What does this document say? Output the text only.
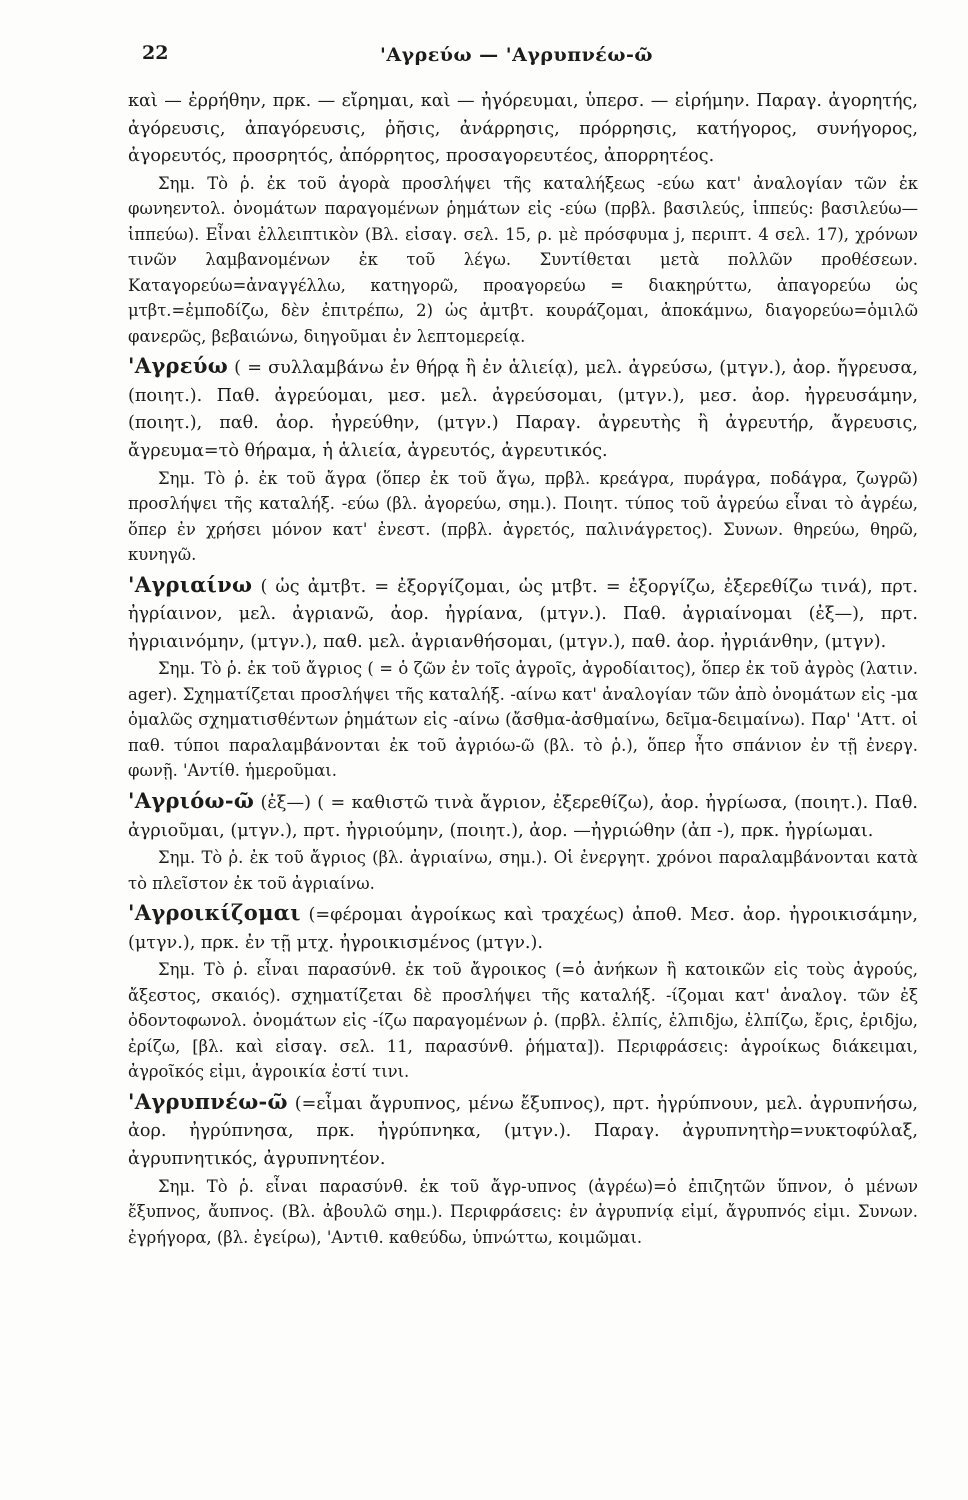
22	'Αγρεύω — 'Αγρυπνέω-ῶ

καὶ — ἐρρήθην, πρκ. — εἴρημαι, καὶ — ἠγόρευμαι, ὑπερσ. — εἰρήμην. Παραγ. ἀγορητής, ἀγόρευσις, ἀπαγόρευσις, ῥῆσις, ἀνάρρησις, πρόρρησις, κατήγορος, συνήγορος, ἀγορευτός, προσρητός, ἀπόρρητος, προσαγορευτέος, ἀπορρητέος.

Σημ. Τὸ ῥ. ἐκ τοῦ ἀγορὰ προσλήψει τῆς καταλήξεως -εύω κατ' ἀναλογίαν τῶν ἐκ φωνηεντολ. ὀνομάτων παραγομένων ῥημάτων εἰς -εύω (πρβλ. βασιλεύς, ἱππεύς: βασιλεύω—ἱππεύω). Εἶναι ἐλλειπτικὸν (Βλ. εἰσαγ. σελ. 15, ρ. μὲ πρόσφυμα j, περιπτ. 4 σελ. 17), χρόνων τινῶν λαμβανομένων ἐκ τοῦ λέγω. Συντίθεται μετὰ πολλῶν προθέσεων. Καταγορεύω=ἀναγγέλλω, κατηγορῶ, προαγορεύω = διακηρύττω, ἀπαγορεύω ὡς μτβτ.=ἐμποδίζω, δὲν ἐπιτρέπω, 2) ὡς ἀμτβτ. κουράζομαι, ἀποκάμνω, διαγορεύω=ὁμιλῶ φανερῶς, βεβαιώνω, διηγοῦμαι ἐν λεπτομερείᾳ.

'Αγρεύω ( = συλλαμβάνω ἐν θήρᾳ ἢ ἐν ἁλιείᾳ), μελ. ἀγρεύσω, (μτγν.), ἀορ. ἤγρευσα, (ποιητ.). Παθ. ἀγρεύομαι, μεσ. μελ. ἀγρεύσομαι, (μτγν.), μεσ. ἀορ. ἠγρευσάμην, (ποιητ.), παθ. ἀορ. ἠγρεύθην, (μτγν.) Παραγ. ἀγρευτὴς ἢ ἀγρευτήρ, ἄγρευσις, ἄγρευμα=τὸ θήραμα, ἡ ἁλιεία, ἀγρευτός, ἀγρευτικός.

Σημ. Τὸ ῥ. ἐκ τοῦ ἄγρα (ὅπερ ἐκ τοῦ ἄγω, πρβλ. κρεάγρα, πυράγρα, ποδάγρα, ζωγρῶ) προσλήψει τῆς καταλήξ. -εύω (βλ. ἀγορεύω, σημ.). Ποιητ. τύπος τοῦ ἀγρεύω εἶναι τὸ ἀγρέω, ὅπερ ἐν χρήσει μόνον κατ' ἐνεστ. (πρβλ. ἀγρετός, παλινάγρετος). Συνων. θηρεύω, θηρῶ, κυνηγῶ.

'Αγριαίνω ( ὡς ἀμτβτ. = ἐξοργίζομαι, ὡς μτβτ. = ἐξοργίζω, ἐξερεθίζω τινά), πρτ. ἠγρίαινον, μελ. ἀγριανῶ, ἀορ. ἠγρίανα, (μτγν.). Παθ. ἀγριαίνομαι (ἐξ—), πρτ. ἠγριαινόμην, (μτγν.), παθ. μελ. ἀγριανθήσομαι, (μτγν.), παθ. ἀορ. ἠγριάνθην, (μτγν).

Σημ. Τὸ ῥ. ἐκ τοῦ ἄγριος ( = ὁ ζῶν ἐν τοῖς ἀγροῖς, ἀγροδίαιτος), ὅπερ ἐκ τοῦ ἀγρὸς (λατιν. ager). Σχηματίζεται προσλήψει τῆς καταλήξ. -αίνω κατ' ἀναλογίαν τῶν ἀπὸ ὀνομάτων εἰς -μα ὁμαλῶς σχηματισθέντων ῥημάτων εἰς -αίνω (ἄσθμα-ἀσθμαίνω, δεῖμα-δειμαίνω). Παρ' 'Αττ. οἱ παθ. τύποι παραλαμβάνονται ἐκ τοῦ ἀγριόω-ῶ (βλ. τὸ ῥ.), ὅπερ ἦτο σπάνιον ἐν τῇ ἐνεργ. φωνῇ. 'Αντίθ. ἡμεροῦμαι.

'Αγριόω-ῶ (ἐξ—) ( = καθιστῶ τινὰ ἄγριον, ἐξερεθίζω), ἀορ. ἠγρίωσα, (ποιητ.). Παθ. ἀγριοῦμαι, (μτγν.), πρτ. ἠγριούμην, (ποιητ.), ἀορ. —ἠγριώθην (ἀπ -), πρκ. ἠγρίωμαι.

Σημ. Τὸ ῥ. ἐκ τοῦ ἄγριος (βλ. ἀγριαίνω, σημ.). Οἱ ἐνεργητ. χρόνοι παραλαμβάνονται κατὰ τὸ πλεῖστον ἐκ τοῦ ἀγριαίνω.

'Αγροικίζομαι (=φέρομαι ἀγροίκως καὶ τραχέως) ἀποθ. Μεσ. ἀορ. ἠγροικισάμην, (μτγν.), πρκ. ἐν τῇ μτχ. ἠγροικισμένος (μτγν.).

Σημ. Τὸ ῥ. εἶναι παρασύνθ. ἐκ τοῦ ἄγροικος (=ὁ ἀνήκων ἢ κατοικῶν εἰς τοὺς ἀγρούς, ἄξεστος, σκαιός). σχηματίζεται δὲ προσλήψει τῆς καταλήξ. -ίζομαι κατ' ἀναλογ. τῶν ἐξ ὀδοντοφωνολ. ὀνομάτων εἰς -ίζω παραγομένων ῥ. (πρβλ. ἐλπίς, ἐλπιδjω, ἐλπίζω, ἔρις, ἐριδjω, ἐρίζω, [βλ. καὶ εἰσαγ. σελ. 11, παρασύνθ. ῥήματα]). Περιφράσεις: ἀγροίκως διάκειμαι, ἀγροῖκός εἰμι, ἀγροικία ἐστί τινι.

'Αγρυπνέω-ῶ (=εἶμαι ἄγρυπνος, μένω ἔξυπνος), πρτ. ἠγρύπνουν, μελ. ἀγρυπνήσω, ἀορ. ἠγρύπνησα, πρκ. ἠγρύπνηκα, (μτγν.). Παραγ. ἀγρυπνητὴρ=νυκτοφύλαξ, ἀγρυπνητικός, ἀγρυπνητέον.

Σημ. Τὸ ῥ. εἶναι παρασύνθ. ἐκ τοῦ ἄγρ-υπνος (ἀγρέω)=ὁ ἐπιζητῶν ὕπνον, ὁ μένων ἔξυπνος, ἄυπνος. (Βλ. ἀβουλῶ σημ.). Περιφράσεις: ἐν ἀγρυπνίᾳ εἰμί, ἄγρυπνός εἰμι. Συνων. ἐγρήγορα, (βλ. ἐγείρω), 'Αντιθ. καθεύδω, ὑπνώττω, κοιμῶμαι.
